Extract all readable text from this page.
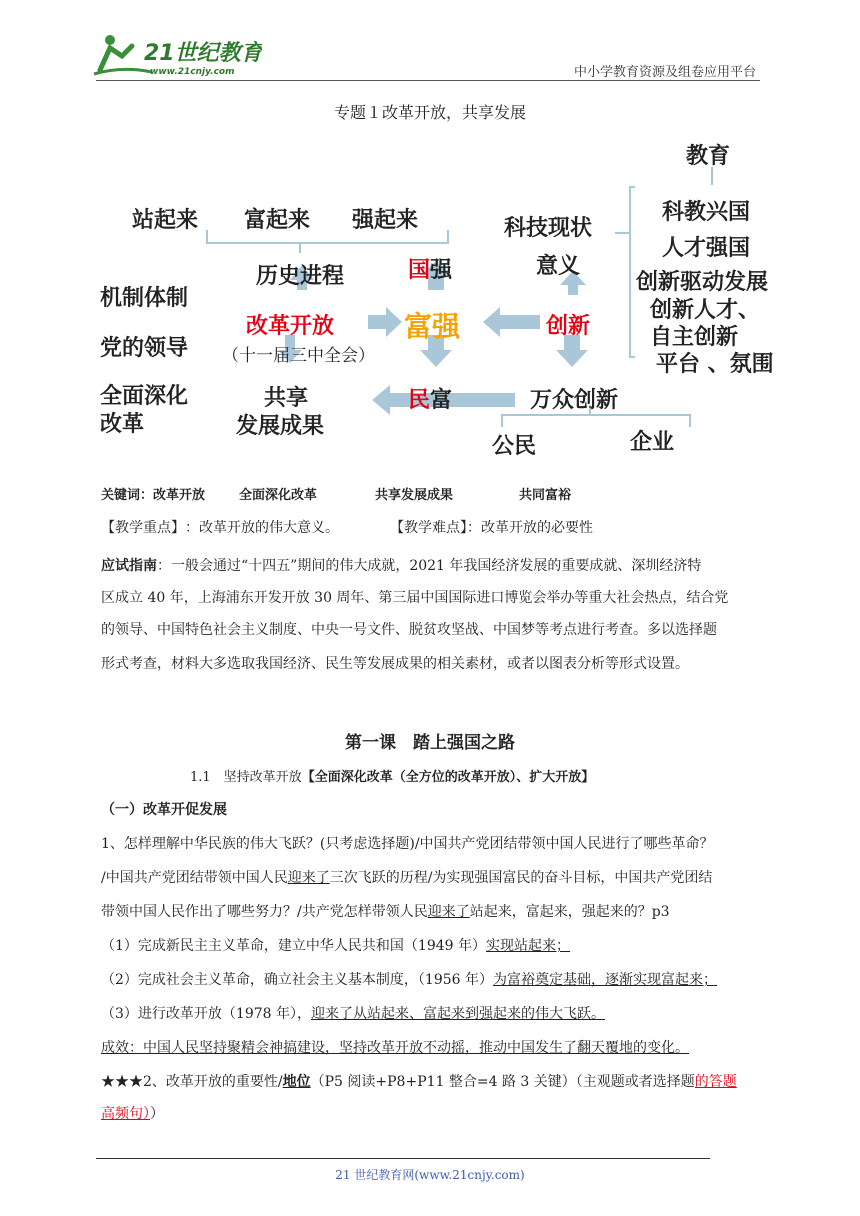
21世纪教育
www.21cnjy.com	中小学教育资源及组卷应用平台
专题１改革开放，共享发展
站起来 富起来 强起来
历史进程
机制体制
党的领导
全面深化
改革
改革开放
（十一届三中全会）
共享
发展成果
国强
富强
民富
创新
科技现状
意义
教育
科教兴国
人才强国
创新驱动发展
创新人才、
自主创新
平台 、氛围
万众创新
公民	企业
关键词：改革开放	全面深化改革	共享发展成果	共同富裕
【教学重点】：改革开放的伟大意义。	【教学难点】：改革开放的必要性
应试指南：一般会通过“十四五”期间的伟大成就，2021 年我国经济发展的重要成就、深圳经济特
区成立 40 年，上海浦东开发开放 30 周年、第三届中国国际进口博览会举办等重大社会热点，结合党
的领导、中国特色社会主义制度、中央一号文件、脱贫攻坚战、中国梦等考点进行考查。多以选择题
形式考查，材料大多选取我国经济、民生等发展成果的相关素材，或者以图表分析等形式设置。
第一课　踏上强国之路
1.1　坚持改革开放【全面深化改革（全方位的改革开放）、扩大开放】
（一）改革开促发展
1、怎样理解中华民族的伟大飞跃？(只考虑选择题)/中国共产党团结带领中国人民进行了哪些革命？
/中国共产党团结带领中国人民迎来了三次飞跃的历程/为实现强国富民的奋斗目标，中国共产党团结
带领中国人民作出了哪些努力？/共产党怎样带领人民迎来了站起来，富起来，强起来的？p3
（1）完成新民主主义革命，建立中华人民共和国（1949 年）实现站起来；
（2）完成社会主义革命，确立社会主义基本制度，（1956 年）为富裕奠定基础，逐渐实现富起来；
（3）进行改革开放（1978 年），迎来了从站起来、富起来到强起来的伟大飞跃。
成效：中国人民坚持聚精会神搞建设，坚持改革开放不动摇，推动中国发生了翻天覆地的变化。
★★★2、改革开放的重要性/地位（P5 阅读+P8+P11 整合=4 路 3 关键）（主观题或者选择题的答题
高频句））
21 世纪教育网(www.21cnjy.com)
